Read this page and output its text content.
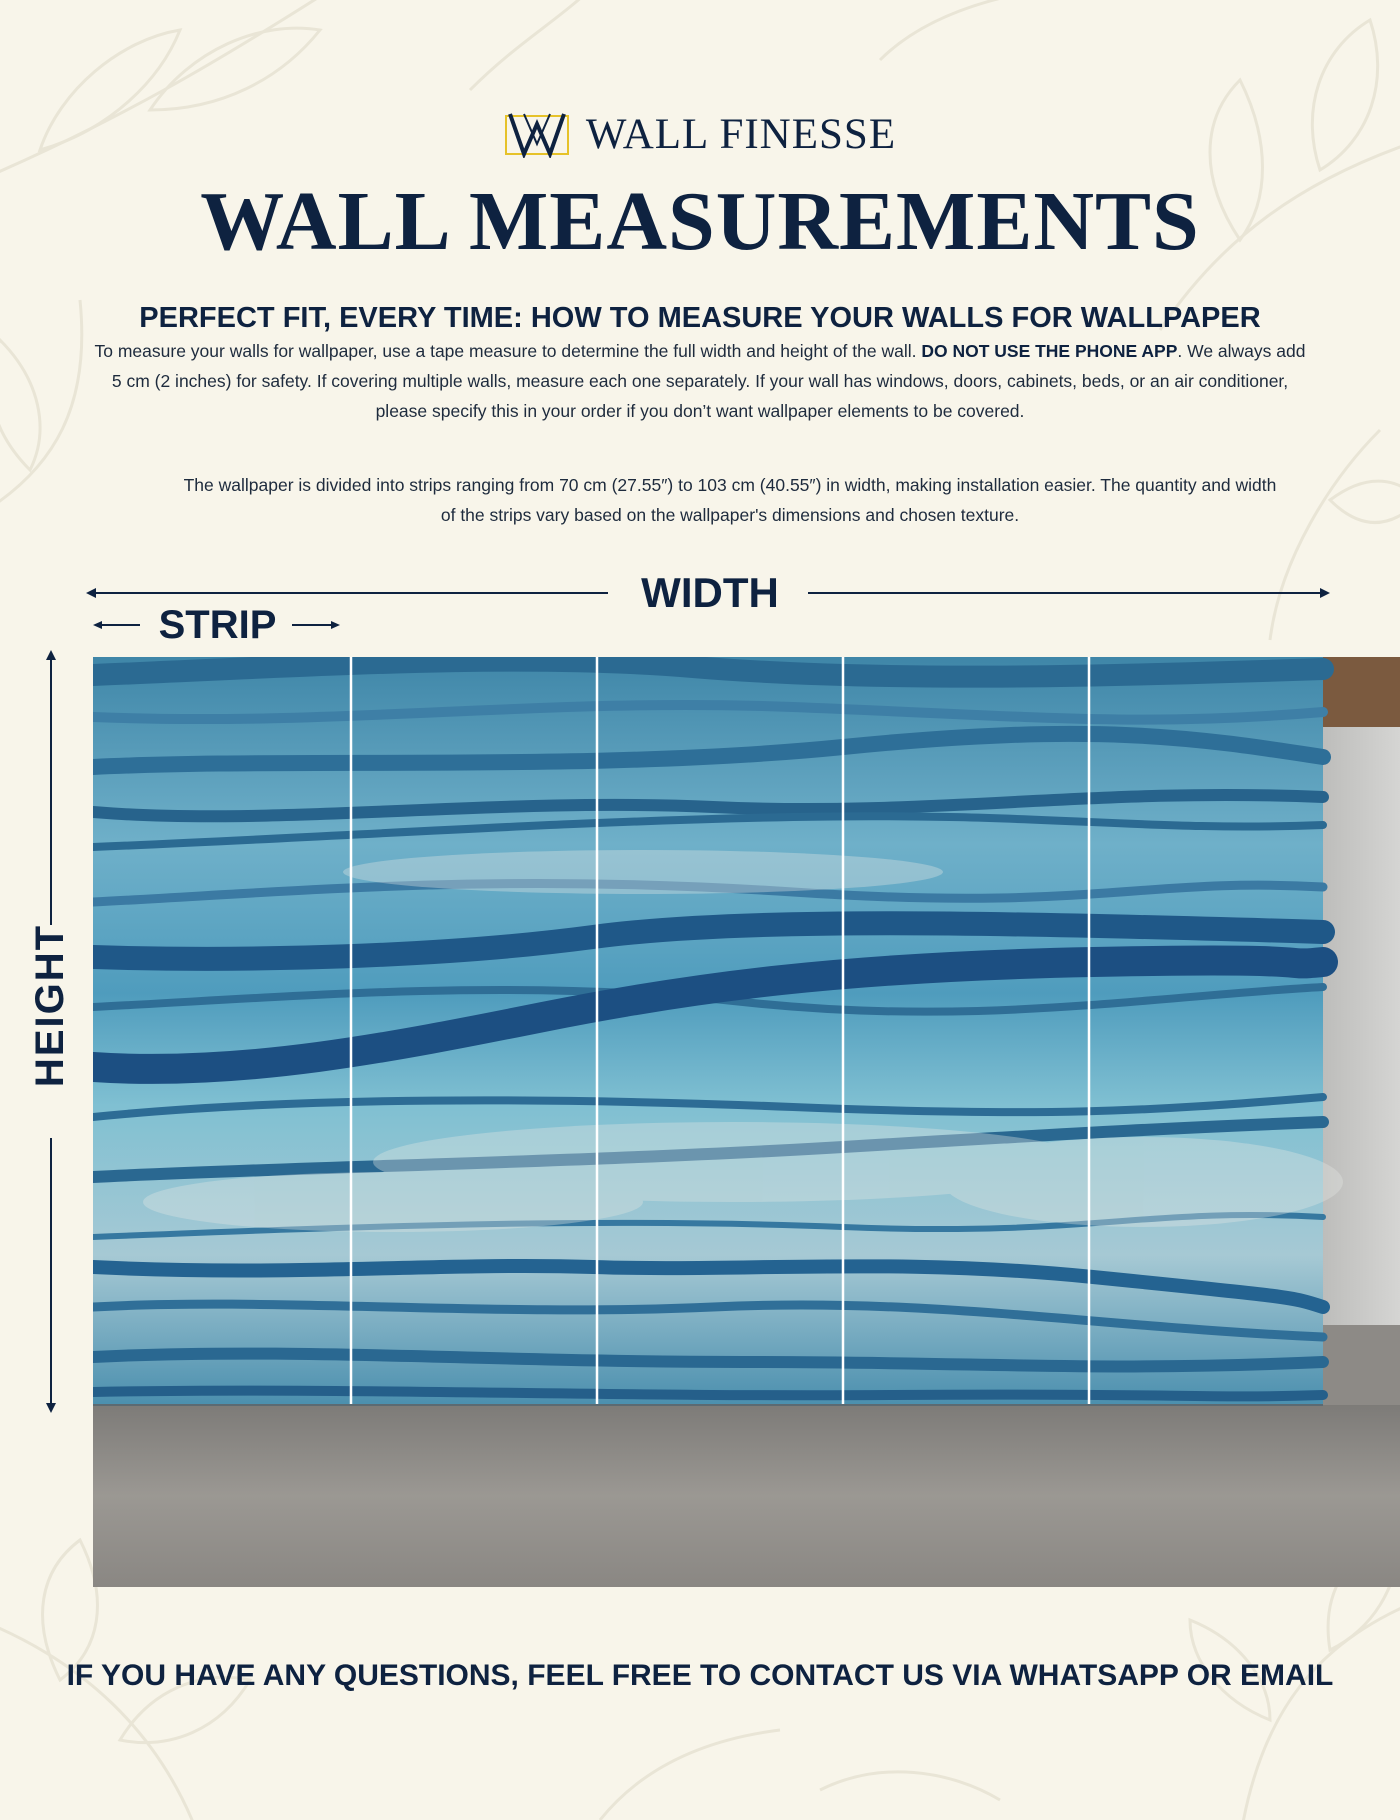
WALL FINESSE
WALL MEASUREMENTS
PERFECT FIT, EVERY TIME: HOW TO MEASURE YOUR WALLS FOR WALLPAPER
To measure your walls for wallpaper, use a tape measure to determine the full width and height of the wall. DO NOT USE THE PHONE APP. We always add 5 cm (2 inches) for safety. If covering multiple walls, measure each one separately. If your wall has windows, doors, cabinets, beds, or an air conditioner, please specify this in your order if you don’t want wallpaper elements to be covered.
The wallpaper is divided into strips ranging from 70 cm (27.55″) to 103 cm (40.55″) in width, making installation easier. The quantity and width of the strips vary based on the wallpaper's dimensions and chosen texture.
WIDTH
STRIP
HEIGHT
IF YOU HAVE ANY QUESTIONS, FEEL FREE TO CONTACT US VIA WHATSAPP OR EMAIL
